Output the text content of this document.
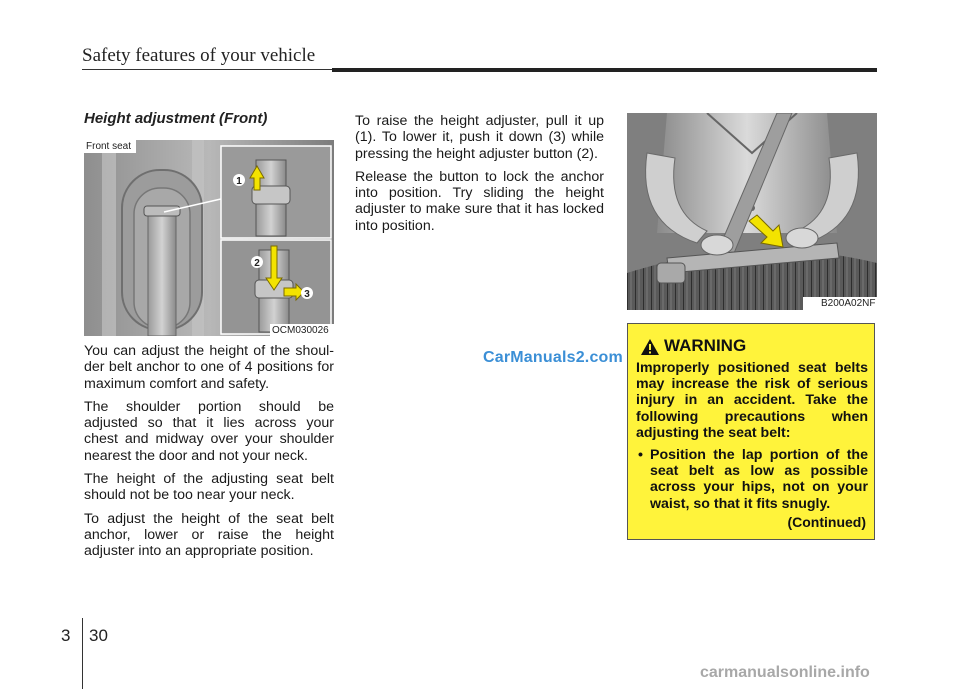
Safety features of your vehicle
Height adjustment (Front)
1
2
3
Front seat
OCM030026

You can adjust the height of the shoul-der belt anchor to one of 4 positions for maximum comfort and safety.

The shoulder portion should be adjusted so that it lies across your chest and midway over your shoulder nearest the door and not your neck.

The height of the adjusting seat belt should not be too near your neck.

To adjust the height of the seat belt anchor, lower or raise the height adjuster into an appropriate position.

To raise the height adjuster, pull it up (1). To lower it, push it down (3) while pressing the height adjuster button (2).

Release the button to lock the anchor into position. Try sliding the height adjuster to make sure that it has locked into position.

B200A02NF
WARNING
Improperly positioned seat belts may increase the risk of serious injury in an accident. Take the following precautions when adjusting the seat belt:
• Position the lap portion of the seat belt as low as possible across your hips, not on your waist, so that it fits snugly.
(Continued)
CarManuals2.com
3 30
carmanualsonline.info
